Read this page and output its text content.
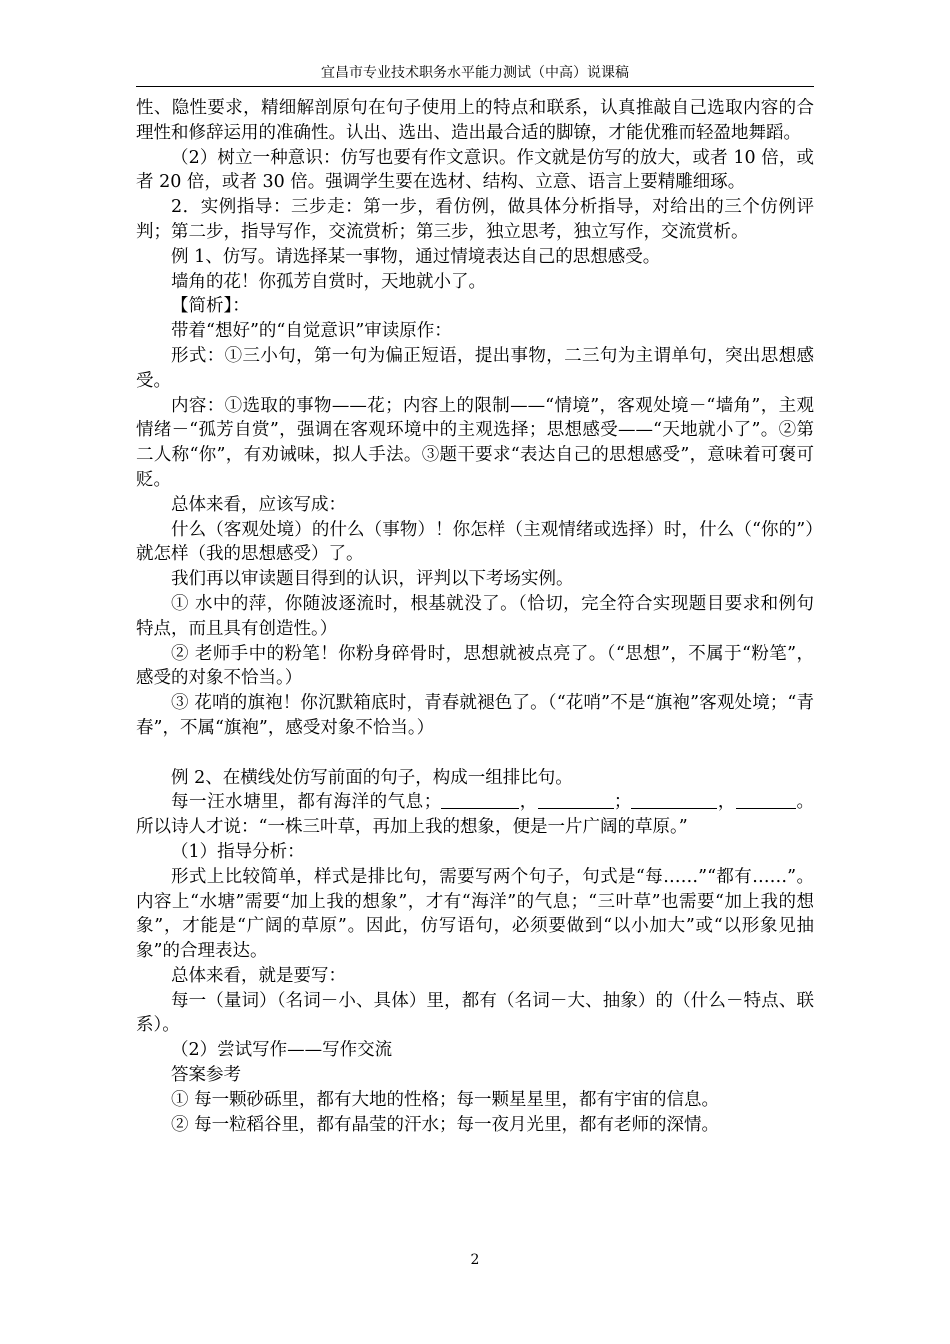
宜昌市专业技术职务水平能力测试（中高）说课稿

性、隐性要求，精细解剖原句在句子使用上的特点和联系，认真推敲自己选取内容的合理性和修辞运用的准确性。认出、选出、造出最合适的脚镣，才能优雅而轻盈地舞蹈。

（2）树立一种意识：仿写也要有作文意识。作文就是仿写的放大，或者 10 倍，或者 20 倍，或者 30 倍。强调学生要在选材、结构、立意、语言上要精雕细琢。

2．实例指导：三步走：第一步，看仿例，做具体分析指导，对给出的三个仿例评判；第二步，指导写作，交流赏析；第三步，独立思考，独立写作，交流赏析。

例 1、仿写。请选择某一事物，通过情境表达自己的思想感受。

墙角的花！你孤芳自赏时，天地就小了。

【简析】：

带着“想好”的“自觉意识”审读原作：

形式：①三小句，第一句为偏正短语，提出事物，二三句为主谓单句，突出思想感受。

内容：①选取的事物——花；内容上的限制——“情境”，客观处境－“墙角”，主观情绪－“孤芳自赏”，强调在客观环境中的主观选择；思想感受——“天地就小了”。②第二人称“你”，有劝诫味，拟人手法。③题干要求“表达自己的思想感受”，意味着可褒可贬。

总体来看，应该写成：

什么（客观处境）的什么（事物）！你怎样（主观情绪或选择）时，什么（“你的”）就怎样（我的思想感受）了。

我们再以审读题目得到的认识，评判以下考场实例。

① 水中的萍，你随波逐流时，根基就没了。（恰切，完全符合实现题目要求和例句特点，而且具有创造性。）

② 老师手中的粉笔！你粉身碎骨时，思想就被点亮了。（“思想”，不属于“粉笔”，感受的对象不恰当。）

③ 花哨的旗袍！你沉默箱底时，青春就褪色了。（“花哨”不是“旗袍”客观处境；“青春”，不属“旗袍”，感受对象不恰当。）

例 2、在横线处仿写前面的句子，构成一组排比句。

每一汪水塘里，都有海洋的气息；	，	；	，	。所以诗人才说：“一株三叶草，再加上我的想象，便是一片广阔的草原。”

（1）指导分析：

形式上比较简单，样式是排比句，需要写两个句子，句式是“每……”“都有……”。内容上“水塘”需要“加上我的想象”，才有“海洋”的气息；“三叶草”也需要“加上我的想象”，才能是“广阔的草原”。因此，仿写语句，必须要做到“以小加大”或“以形象见抽象”的合理表达。

总体来看，就是要写：

每一（量词）（名词－小、具体）里，都有（名词－大、抽象）的（什么－特点、联系）。

（2）尝试写作——写作交流

答案参考

① 每一颗砂砾里，都有大地的性格；每一颗星星里，都有宇宙的信息。

② 每一粒稻谷里，都有晶莹的汗水；每一夜月光里，都有老师的深情。

2
